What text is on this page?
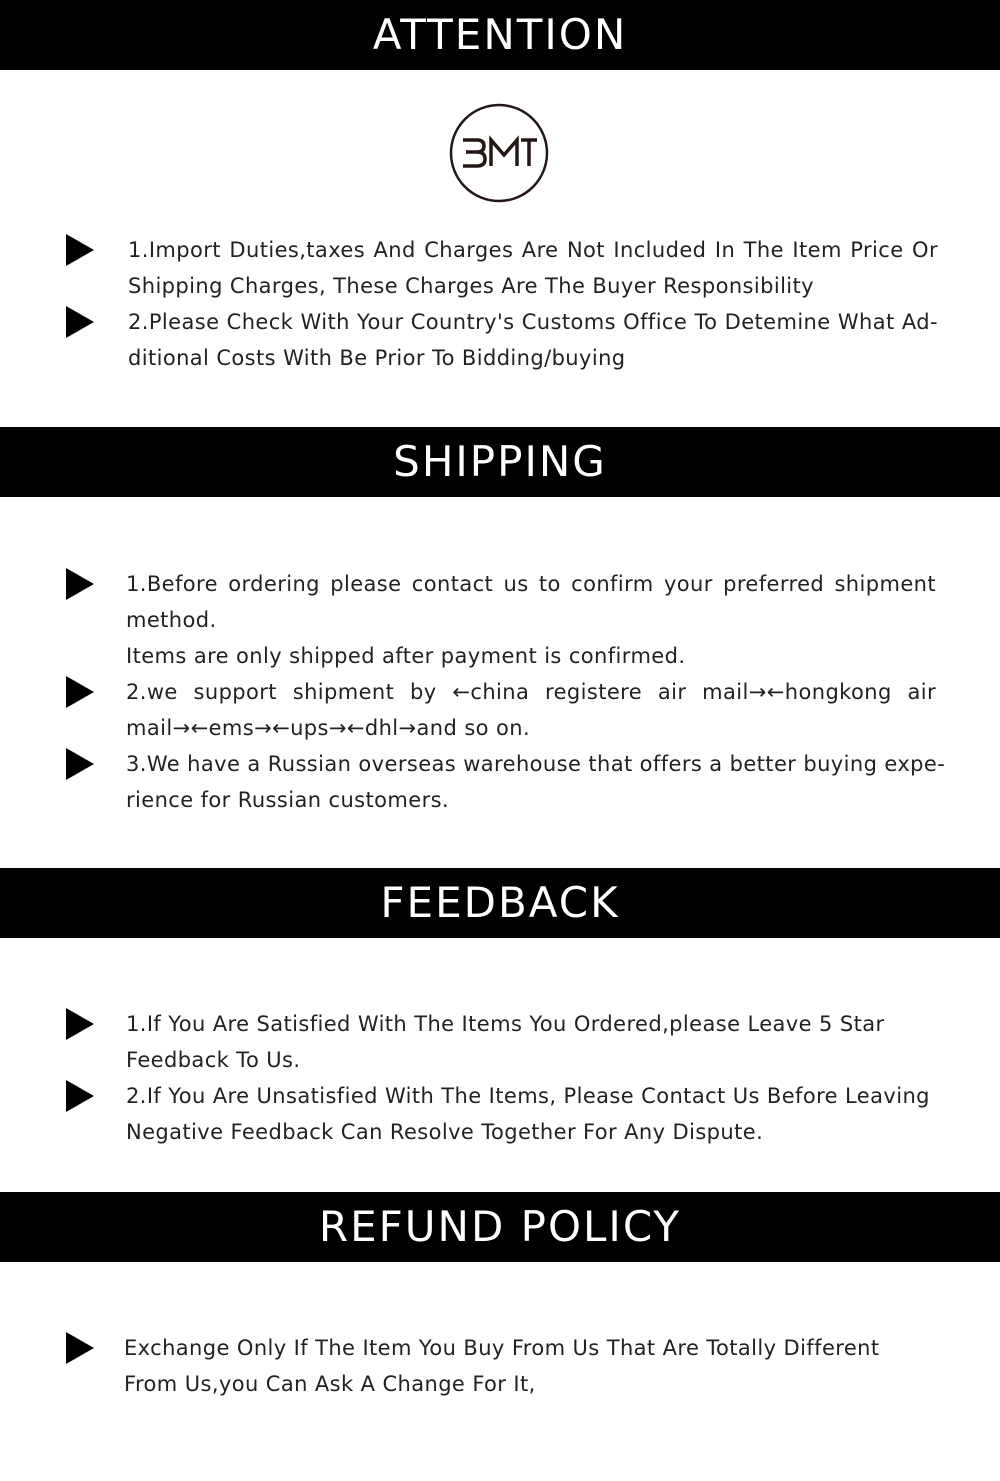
ATTENTION
1.Import Duties,taxes And Charges Are Not Included In The Item Price Or
Shipping Charges, These Charges Are The Buyer Responsibility
2.Please Check With Your Country's Customs Office To Detemine What Ad-
ditional Costs With Be Prior To Bidding/buying
SHIPPING
1.Before ordering please contact us to confirm your preferred shipment
method.
Items are only shipped after payment is confirmed.
2.we support shipment by ←china registere air mail→←hongkong air
mail→←ems→←ups→←dhl→and so on.
3.We have a Russian overseas warehouse that offers a better buying expe-
rience for Russian customers.
FEEDBACK
1.If You Are Satisfied With The Items You Ordered,please Leave 5 Star
Feedback To Us.
2.If You Are Unsatisfied With The Items, Please Contact Us Before Leaving
Negative Feedback Can Resolve Together For Any Dispute.
REFUND POLICY
Exchange Only If The Item You Buy From Us That Are Totally Different
From Us,you Can Ask A Change For It,
